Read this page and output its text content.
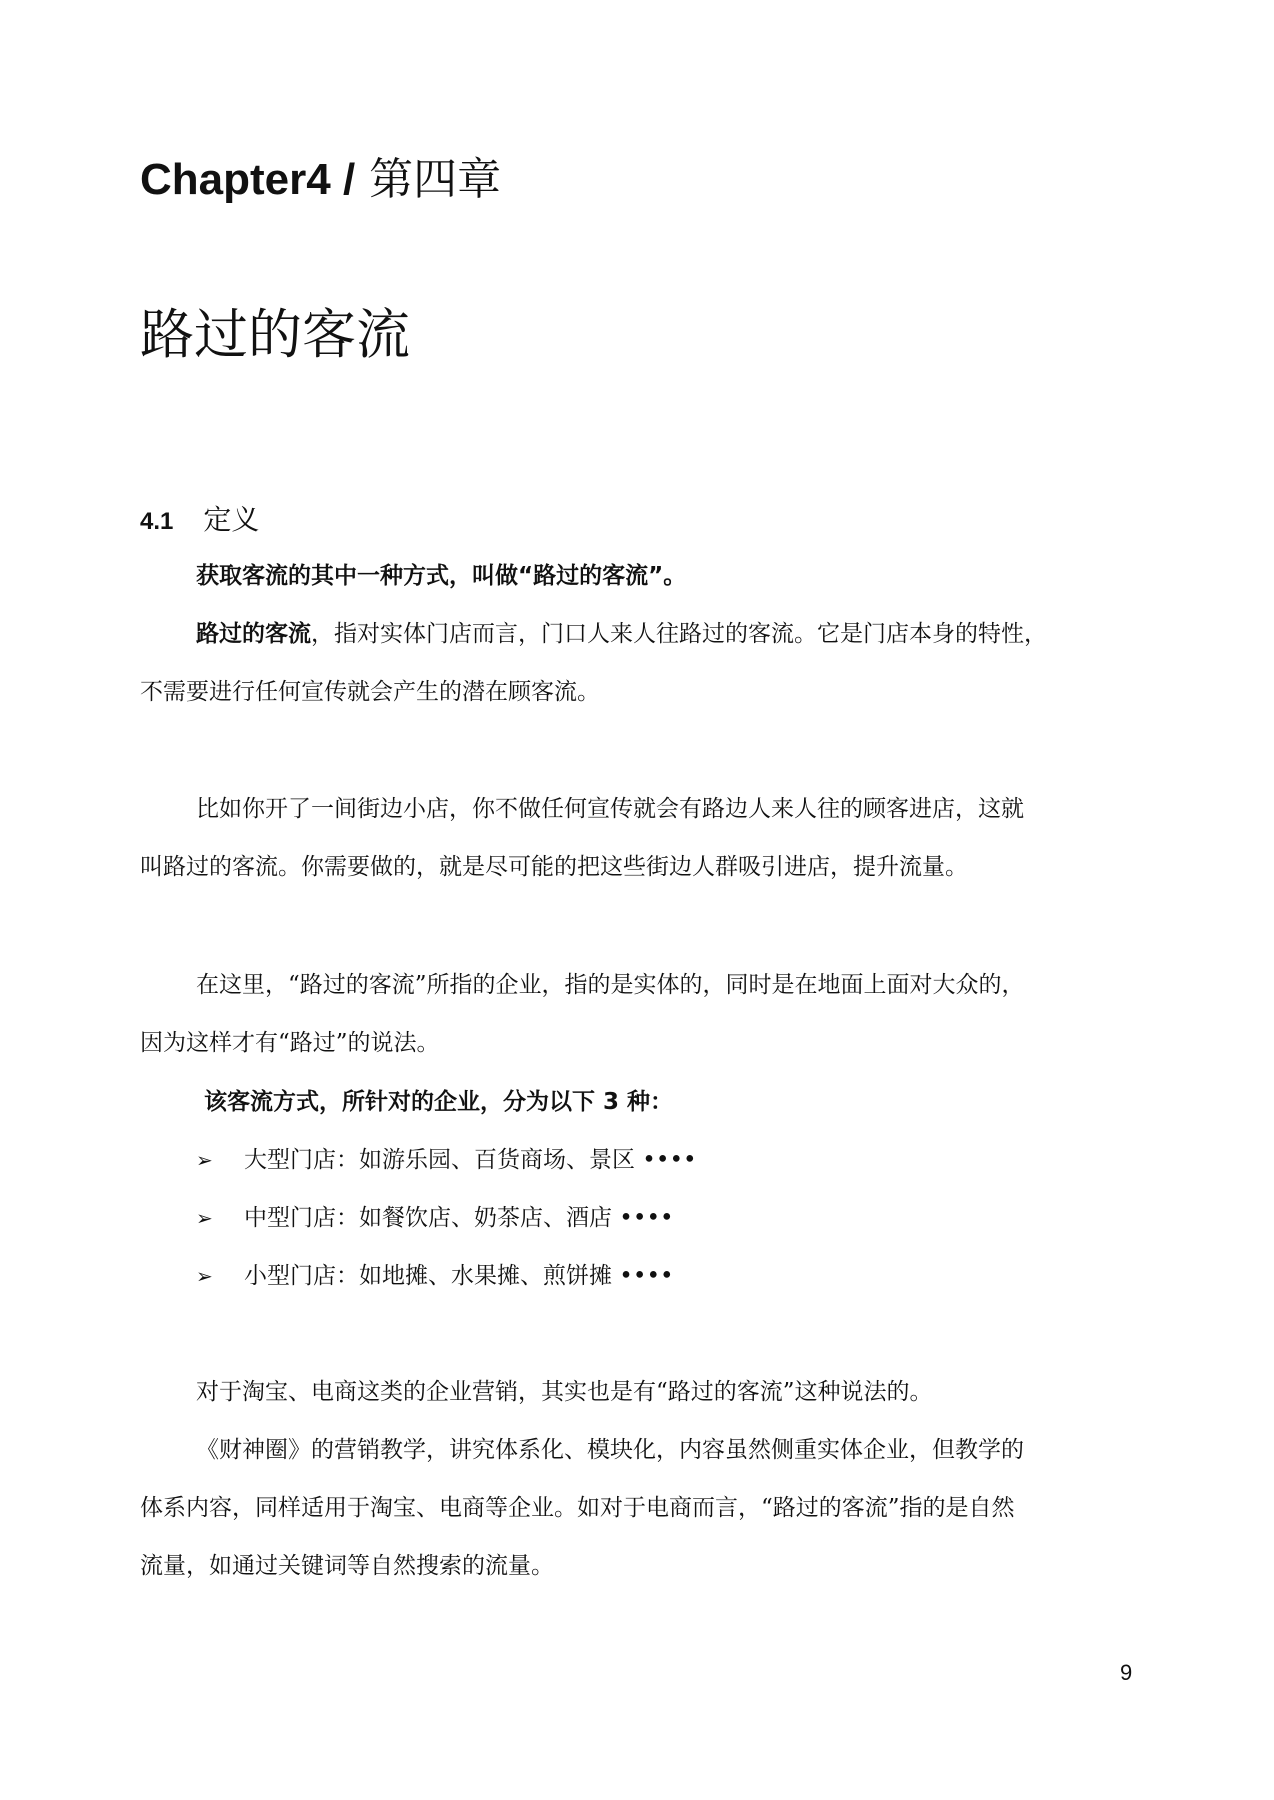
Chapter4 / 第四章
路过的客流
4.1 定义
获取客流的其中一种方式，叫做“路过的客流”。
路过的客流，指对实体门店而言，门口人来人往路过的客流。它是门店本身的特性，
不需要进行任何宣传就会产生的潜在顾客流。
比如你开了一间街边小店，你不做任何宣传就会有路边人来人往的顾客进店，这就
叫路过的客流。你需要做的，就是尽可能的把这些街边人群吸引进店，提升流量。
在这里，“路过的客流”所指的企业，指的是实体的，同时是在地面上面对大众的，
因为这样才有“路过”的说法。
该客流方式，所针对的企业，分为以下 3 种：
➢ 大型门店：如游乐园、百货商场、景区 ••••
➢ 中型门店：如餐饮店、奶茶店、酒店 ••••
➢ 小型门店：如地摊、水果摊、煎饼摊 ••••
对于淘宝、电商这类的企业营销，其实也是有“路过的客流”这种说法的。
《财神圈》的营销教学，讲究体系化、模块化，内容虽然侧重实体企业，但教学的
体系内容，同样适用于淘宝、电商等企业。如对于电商而言，“路过的客流”指的是自然
流量，如通过关键词等自然搜索的流量。
9
